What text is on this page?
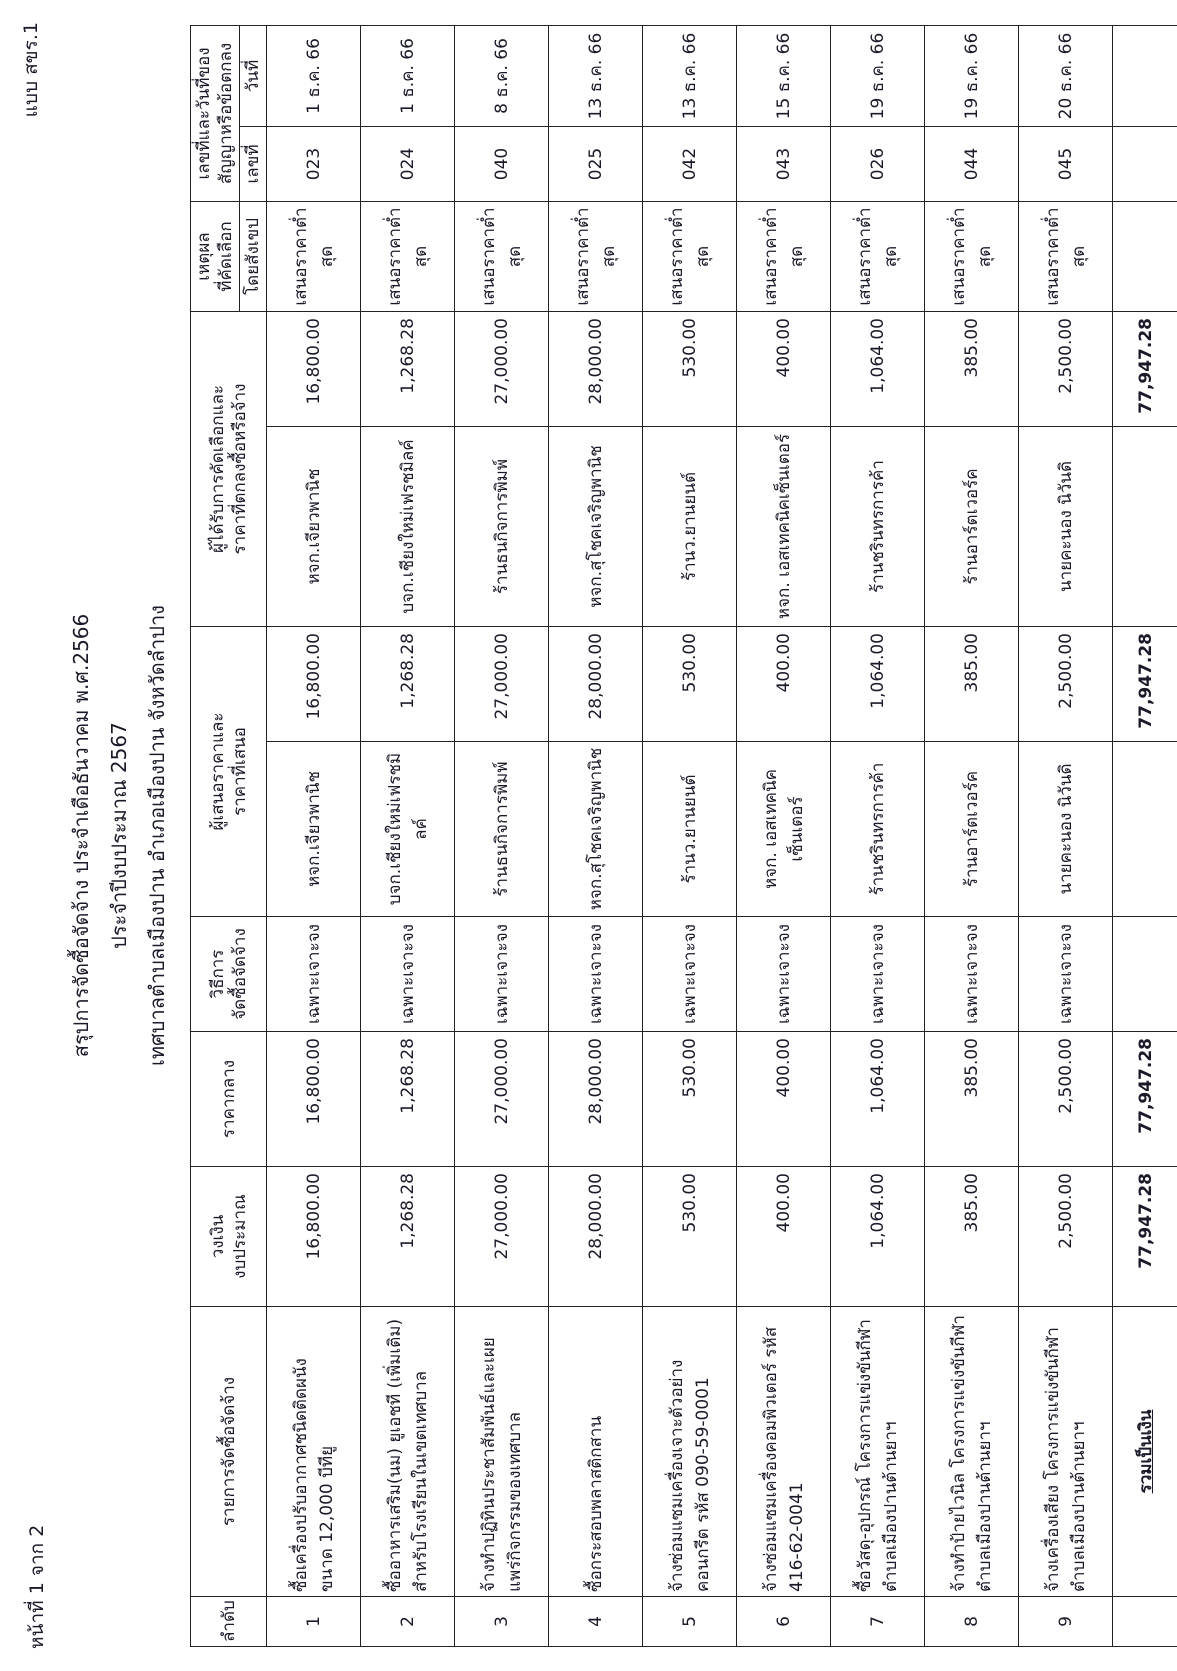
หน้าที่ 1 จาก 2
แบบ สขร.1
สรุปการจัดซื้อจัดจ้าง ประจำเดือธันวาคม พ.ศ.2566 ประจำปีงบประมาณ 2567 เทศบาลตำบลเมืองปาน อำเภอเมืองปาน จังหวัดลำปาง
ลำดับ	รายการจัดซื้อจัดจ้าง	วงเงิน งบประมาณ	ราคากลาง	วิธีการ จัดซื้อจัดจ้าง	ผู้เสนอราคาและ ราคาที่เสนอ		ผู้ได้รับการคัดเลือกและ ราคาที่ตกลงซื้อหรือจ้าง		เหตุผล ที่คัดเลือก	เลขที่และวันที่ของ สัญญาหรือข้อตกลง	
									โดยสังเขป	เลขที่	วันที่
1	ซื้อเครื่องปรับอากาศชนิดติดผนัง ขนาด 12,000 บีทียู	16,800.00	16,800.00	เฉพาะเจาะจง	หจก.เจียวพานิช	16,800.00	หจก.เจียวพานิช	16,800.00	เสนอราคาต่ำสุด	023	1 ธ.ค. 66
2	ซื้ออาหารเสริม(นม) ยูเอชที (เพิ่มเติม) สำหรับโรงเรียนในเขตเทศบาล	1,268.28	1,268.28	เฉพาะเจาะจง	บจก.เชียงใหม่เฟรชมิลค์	1,268.28	บจก.เชียงใหม่เฟรชมิลค์	1,268.28	เสนอราคาต่ำสุด	024	1 ธ.ค. 66
3	จ้างทำปฏิทินประชาสัมพันธ์และเผยแพร่กิจกรรมของเทศบาล	27,000.00	27,000.00	เฉพาะเจาะจง	ร้านธนกิจการพิมพ์	27,000.00	ร้านธนกิจการพิมพ์	27,000.00	เสนอราคาต่ำสุด	040	8 ธ.ค. 66
4	ซื้อกระสอบพลาสติกสาน	28,000.00	28,000.00	เฉพาะเจาะจง	หจก.สุโชคเจริญพานิช	28,000.00	หจก.สุโชคเจริญพานิช	28,000.00	เสนอราคาต่ำสุด	025	13 ธ.ค. 66
5	จ้างซ่อมแซมเครื่องเจาะตัวอย่างคอนกรีต รหัส 090-59-0001	530.00	530.00	เฉพาะเจาะจง	ร้านว.ยานยนต์	530.00	ร้านว.ยานยนต์	530.00	เสนอราคาต่ำสุด	042	13 ธ.ค. 66
6	จ้างซ่อมแซมเครื่องคอมพิวเตอร์ รหัส 416-62-0041	400.00	400.00	เฉพาะเจาะจง	หจก. เอสเทคนิคเซ็นเตอร์	400.00	หจก. เอสเทคนิคเซ็นเตอร์	400.00	เสนอราคาต่ำสุด	043	15 ธ.ค. 66
7	ซื้อวัสดุ-อุปกรณ์ โครงการแข่งขันกีฬาตำบลเมืองปานต้านยาฯ	1,064.00	1,064.00	เฉพาะเจาะจง	ร้านชรินทรการค้า	1,064.00	ร้านชรินทรการค้า	1,064.00	เสนอราคาต่ำสุด	026	19 ธ.ค. 66
8	จ้างทำป้ายไวนิล โครงการแข่งขันกีฬาตำบลเมืองปานต้านยาฯ	385.00	385.00	เฉพาะเจาะจง	ร้านอาร์ตเวอร์ค	385.00	ร้านอาร์ตเวอร์ค	385.00	เสนอราคาต่ำสุด	044	19 ธ.ค. 66
9	จ้างเครื่องเสียง โครงการแข่งขันกีฬาตำบลเมืองปานต้านยาฯ	2,500.00	2,500.00	เฉพาะเจาะจง	นายคะนอง นิวันดิ	2,500.00	นายคะนอง นิวันดิ	2,500.00	เสนอราคาต่ำสุด	045	20 ธ.ค. 66
	รวมเป็นเงิน	77,947.28	77,947.28			77,947.28		77,947.28			
